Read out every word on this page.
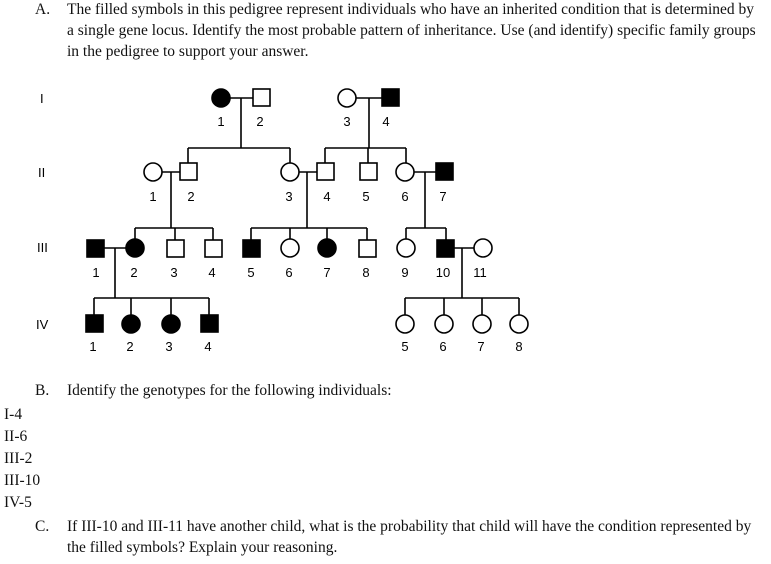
A. The filled symbols in this pedigree represent individuals who have an inherited condition that is determined by a single gene locus. Identify the most probable pattern of inheritance. Use (and identify) specific family groups in the pedigree to support your answer.
I
II
III
IV
1 2	3 4
1 2	3 4 5 6 7
1 2	3 4 5 6 7 8 9 10 11
1 2 3 4	5 6 7 8
B. Identify the genotypes for the following individuals:
I-4
II-6
III-2
III-10
IV-5
C. If III-10 and III-11 have another child, what is the probability that child will have the condition represented by the filled symbols? Explain your reasoning.
